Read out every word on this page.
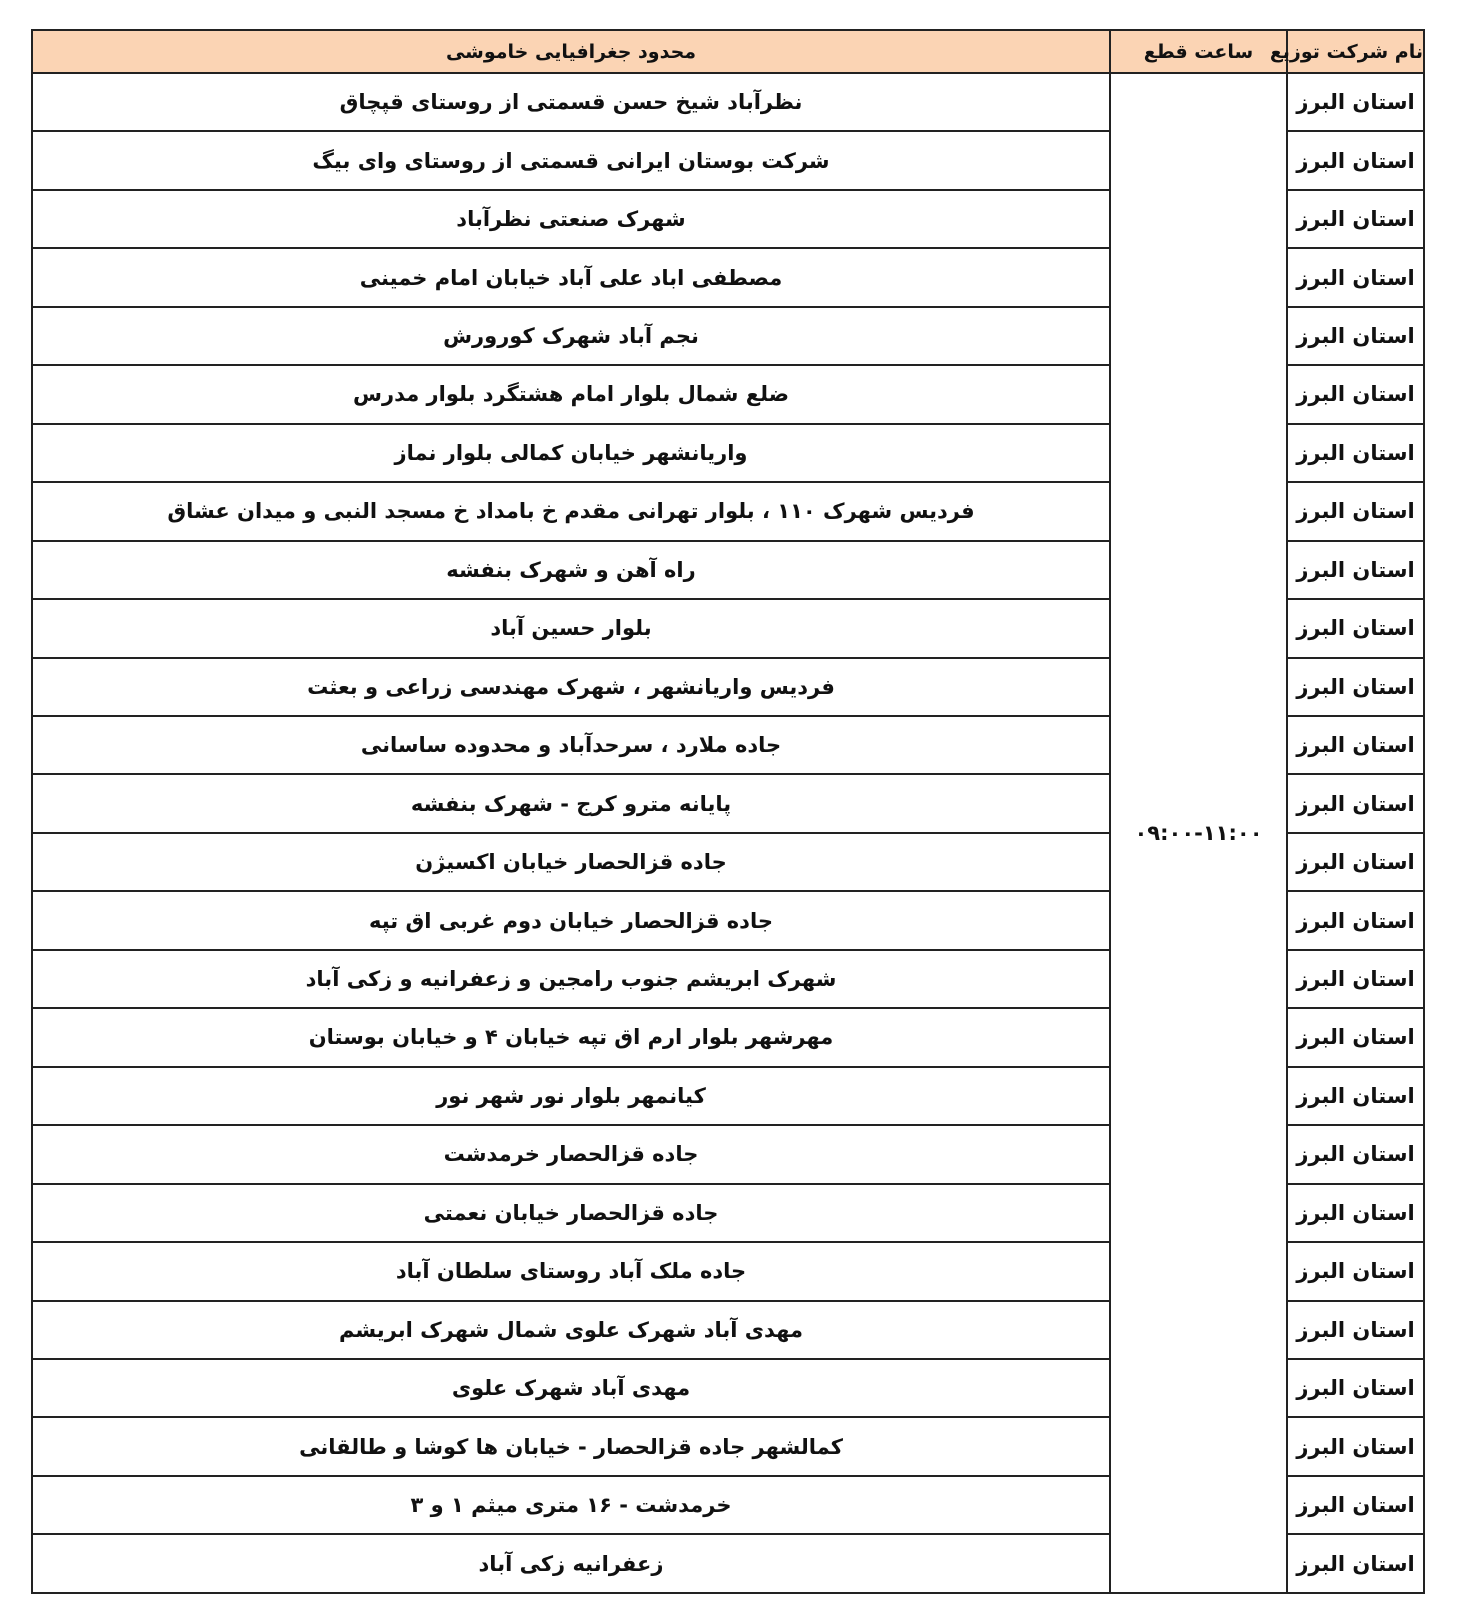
نام شرکت توزیع	ساعت قطع	محدود جغرافیایی خاموشی
استان البرز	۰۹:۰۰-۱۱:۰۰	نظرآباد شیخ حسن قسمتی از روستای قپچاق
استان البرز		شرکت بوستان ایرانی قسمتی از روستای وای بیگ
استان البرز		شهرک صنعتی نظرآباد
استان البرز		مصطفی اباد علی آباد خیابان امام خمینی
استان البرز		نجم آباد شهرک کورورش
استان البرز		ضلع شمال بلوار امام هشتگرد بلوار مدرس
استان البرز		واریانشهر خیابان کمالی بلوار نماز
استان البرز		فردیس شهرک ۱۱۰ ، بلوار تهرانی مقدم خ بامداد خ مسجد النبی و میدان عشاق
استان البرز		راه آهن و شهرک بنفشه
استان البرز		بلوار حسین آباد
استان البرز		فردیس واریانشهر ، شهرک مهندسی زراعی و بعثت
استان البرز		جاده ملارد ، سرحدآباد و محدوده ساسانی
استان البرز		پایانه مترو کرج - شهرک بنفشه
استان البرز		جاده قزالحصار خیابان اکسیژن
استان البرز		جاده قزالحصار خیابان دوم غربی اق تپه
استان البرز		شهرک ابریشم جنوب رامجین و زعفرانیه و زکی آباد
استان البرز		مهرشهر بلوار ارم اق تپه خیابان ۴ و خیابان بوستان
استان البرز		کیانمهر بلوار نور شهر نور
استان البرز		جاده قزالحصار خرمدشت
استان البرز		جاده قزالحصار خیابان نعمتی
استان البرز		جاده ملک آباد روستای سلطان آباد
استان البرز		مهدی آباد شهرک علوی شمال شهرک ابریشم
استان البرز		مهدی آباد شهرک علوی
استان البرز		کمالشهر جاده قزالحصار - خیابان ها کوشا و طالقانی
استان البرز		خرمدشت - ۱۶ متری میثم ۱ و ۳
استان البرز		زعفرانیه زکی آباد
